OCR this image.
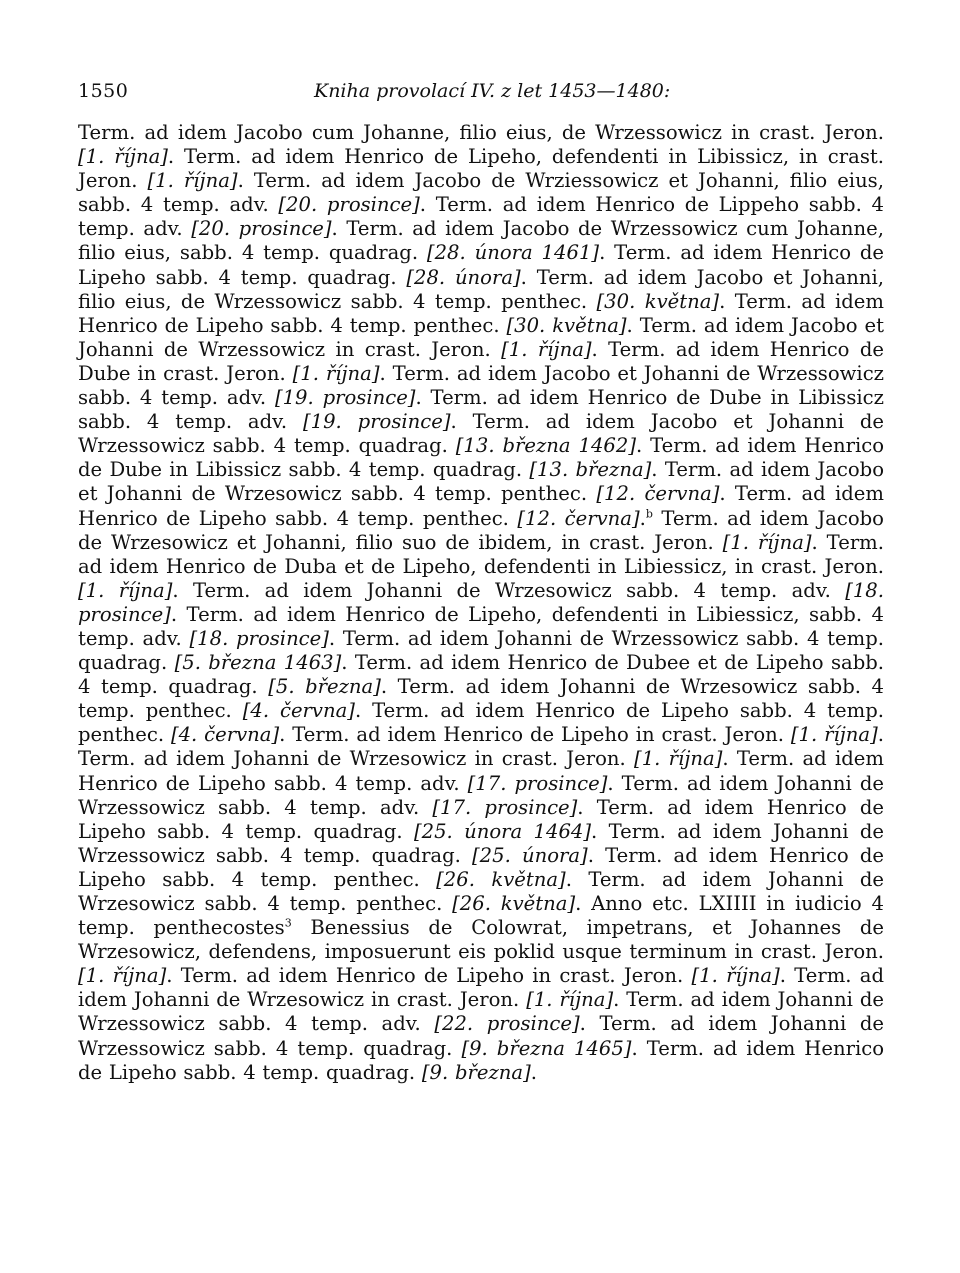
1550	Kniha provolací IV. z let 1453—1480:
Term. ad idem Jacobo cum Johanne, filio eius, de Wrzessowicz in crast. Jeron. [1. října]. Term. ad idem Henrico de Lipeho, defendenti in Libissicz, in crast. Jeron. [1. října]. Term. ad idem Jacobo de Wrziessowicz et Johanni, filio eius, sabb. 4 temp. adv. [20. prosince]. Term. ad idem Henrico de Lippeho sabb. 4 temp. adv. [20. prosince]. Term. ad idem Jacobo de Wrzessowicz cum Johanne, filio eius, sabb. 4 temp. quadrag. [28. února 1461]. Term. ad idem Henrico de Lipeho sabb. 4 temp. quadrag. [28. února]. Term. ad idem Jacobo et Johanni, filio eius, de Wrzessowicz sabb. 4 temp. penthec. [30. května]. Term. ad idem Henrico de Lipeho sabb. 4 temp. penthec. [30. května]. Term. ad idem Jacobo et Johanni de Wrzessowicz in crast. Jeron. [1. října]. Term. ad idem Henrico de Dube in crast. Jeron. [1. října]. Term. ad idem Jacobo et Johanni de Wrzessowicz sabb. 4 temp. adv. [19. prosince]. Term. ad idem Henrico de Dube in Libissicz sabb. 4 temp. adv. [19. prosince]. Term. ad idem Jacobo et Johanni de Wrzessowicz sabb. 4 temp. quadrag. [13. března 1462]. Term. ad idem Henrico de Dube in Libissicz sabb. 4 temp. quadrag. [13. března]. Term. ad idem Jacobo et Johanni de Wrzesowicz sabb. 4 temp. penthec. [12. června]. Term. ad idem Henrico de Lipeho sabb. 4 temp. penthec. [12. června].$^b$ Term. ad idem Jacobo de Wrzesowicz et Johanni, filio suo de ibidem, in crast. Jeron. [1. října]. Term. ad idem Henrico de Duba et de Lipeho, defendenti in Libiessicz, in crast. Jeron. [1. října]. Term. ad idem Johanni de Wrzesowicz sabb. 4 temp. adv. [18. prosince]. Term. ad idem Henrico de Lipeho, defendenti in Libiessicz, sabb. 4 temp. adv. [18. prosince]. Term. ad idem Johanni de Wrzessowicz sabb. 4 temp. quadrag. [5. března 1463]. Term. ad idem Henrico de Dubee et de Lipeho sabb. 4 temp. quadrag. [5. března]. Term. ad idem Johanni de Wrzesowicz sabb. 4 temp. penthec. [4. června]. Term. ad idem Henrico de Lipeho sabb. 4 temp. penthec. [4. června]. Term. ad idem Henrico de Lipeho in crast. Jeron. [1. října]. Term. ad idem Johanni de Wrzesowicz in crast. Jeron. [1. října]. Term. ad idem Henrico de Lipeho sabb. 4 temp. adv. [17. prosince]. Term. ad idem Johanni de Wrzessowicz sabb. 4 temp. adv. [17. prosince]. Term. ad idem Henrico de Lipeho sabb. 4 temp. quadrag. [25. února 1464]. Term. ad idem Johanni de Wrzessowicz sabb. 4 temp. quadrag. [25. února]. Term. ad idem Henrico de Lipeho sabb. 4 temp. penthec. [26. května]. Term. ad idem Johanni de Wrzesowicz sabb. 4 temp. penthec. [26. května]. Anno etc. LXIIII in iudicio 4 temp. penthecostes$^3$ Benessius de Colowrat, impetrans, et Johannes de Wrzesowicz, defendens, imposuerunt eis poklid usque terminum in crast. Jeron. [1. října]. Term. ad idem Henrico de Lipeho in crast. Jeron. [1. října]. Term. ad idem Johanni de Wrzesowicz in crast. Jeron. [1. října]. Term. ad idem Johanni de Wrzessowicz sabb. 4 temp. adv. [22. prosince]. Term. ad idem Johanni de Wrzessowicz sabb. 4 temp. quadrag. [9. března 1465]. Term. ad idem Henrico de Lipeho sabb. 4 temp. quadrag. [9. března].
